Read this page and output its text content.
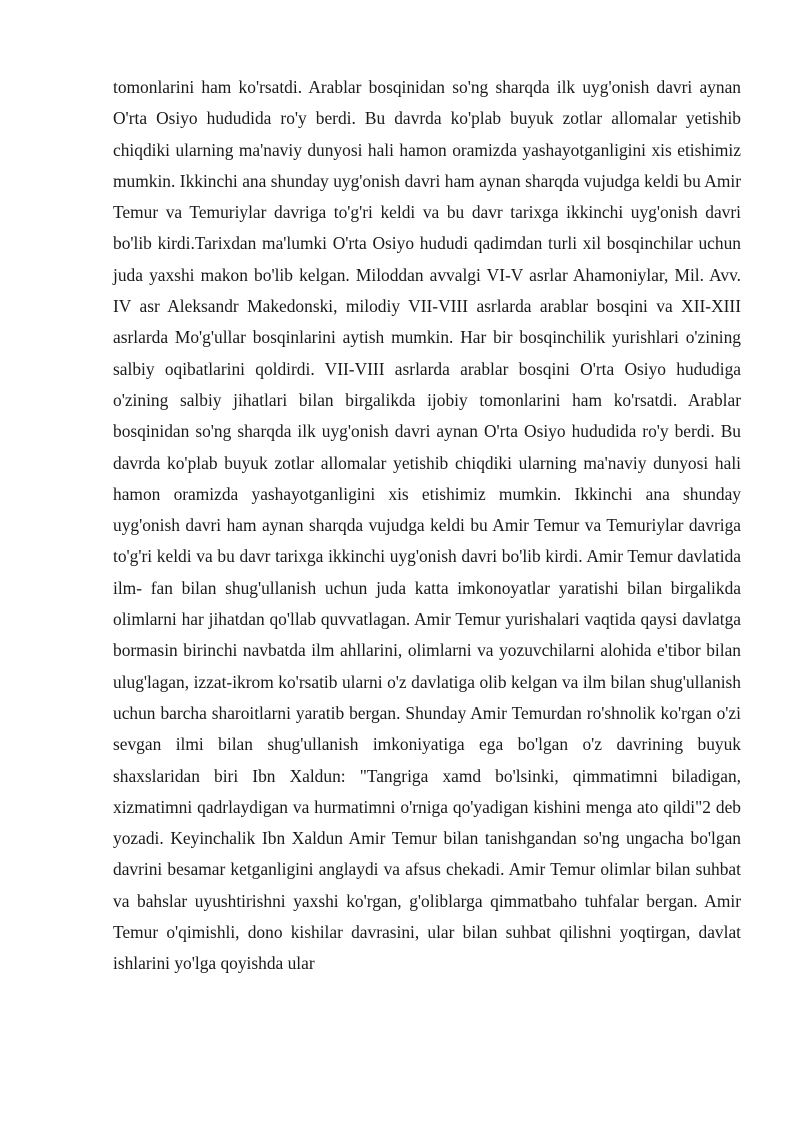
tomonlarini ham ko'rsatdi. Arablar bosqinidan so'ng sharqda ilk uyg'onish davri aynan O'rta Osiyo hududida ro'y berdi. Bu davrda ko'plab buyuk zotlar allomalar yetishib chiqdiki ularning ma'naviy dunyosi hali hamon oramizda yashayotganligini xis etishimiz mumkin. Ikkinchi ana shunday uyg'onish davri ham aynan sharqda vujudga keldi bu Amir Temur va Temuriylar davriga to'g'ri keldi va bu davr tarixga ikkinchi uyg'onish davri bo'lib kirdi.Tarixdan ma'lumki O'rta Osiyo hududi qadimdan turli xil bosqinchilar uchun juda yaxshi makon bo'lib kelgan. Miloddan avvalgi VI-V asrlar Ahamoniylar, Mil. Avv. IV asr Aleksandr Makedonski, milodiy VII-VIII asrlarda arablar bosqini va XII-XIII asrlarda Mo'g'ullar bosqinlarini aytish mumkin. Har bir bosqinchilik yurishlari o'zining salbiy oqibatlarini qoldirdi. VII-VIII asrlarda arablar bosqini O'rta Osiyo hududiga o'zining salbiy jihatlari bilan birgalikda ijobiy tomonlarini ham ko'rsatdi. Arablar bosqinidan so'ng sharqda ilk uyg'onish davri aynan O'rta Osiyo hududida ro'y berdi. Bu davrda ko'plab buyuk zotlar allomalar yetishib chiqdiki ularning ma'naviy dunyosi hali hamon oramizda yashayotganligini xis etishimiz mumkin. Ikkinchi ana shunday uyg'onish davri ham aynan sharqda vujudga keldi bu Amir Temur va Temuriylar davriga to'g'ri keldi va bu davr tarixga ikkinchi uyg'onish davri bo'lib kirdi. Amir Temur davlatida ilm- fan bilan shug'ullanish uchun juda katta imkonoyatlar yaratishi bilan birgalikda olimlarni har jihatdan qo'llab quvvatlagan. Amir Temur yurishalari vaqtida qaysi davlatga bormasin birinchi navbatda ilm ahllarini, olimlarni va yozuvchilarni alohida e'tibor bilan ulug'lagan, izzat-ikrom ko'rsatib ularni o'z davlatiga olib kelgan va ilm bilan shug'ullanish uchun barcha sharoitlarni yaratib bergan. Shunday Amir Temurdan ro'shnolik ko'rgan o'zi sevgan ilmi bilan shug'ullanish imkoniyatiga ega bo'lgan o'z davrining buyuk shaxslaridan biri Ibn Xaldun: "Tangriga xamd bo'lsinki, qimmatimni biladigan, xizmatimni qadrlaydigan va hurmatimni o'rniga qo'yadigan kishini menga ato qildi"2 deb yozadi. Keyinchalik Ibn Xaldun Amir Temur bilan tanishgandan so'ng ungacha bo'lgan davrini besamar ketganligini anglaydi va afsus chekadi. Amir Temur olimlar bilan suhbat va bahslar uyushtirishni yaxshi ko'rgan, g'oliblarga qimmatbaho tuhfalar bergan. Amir Temur o'qimishli, dono kishilar davrasini, ular bilan suhbat qilishni yoqtirgan, davlat ishlarini yo'lga qoyishda ular
